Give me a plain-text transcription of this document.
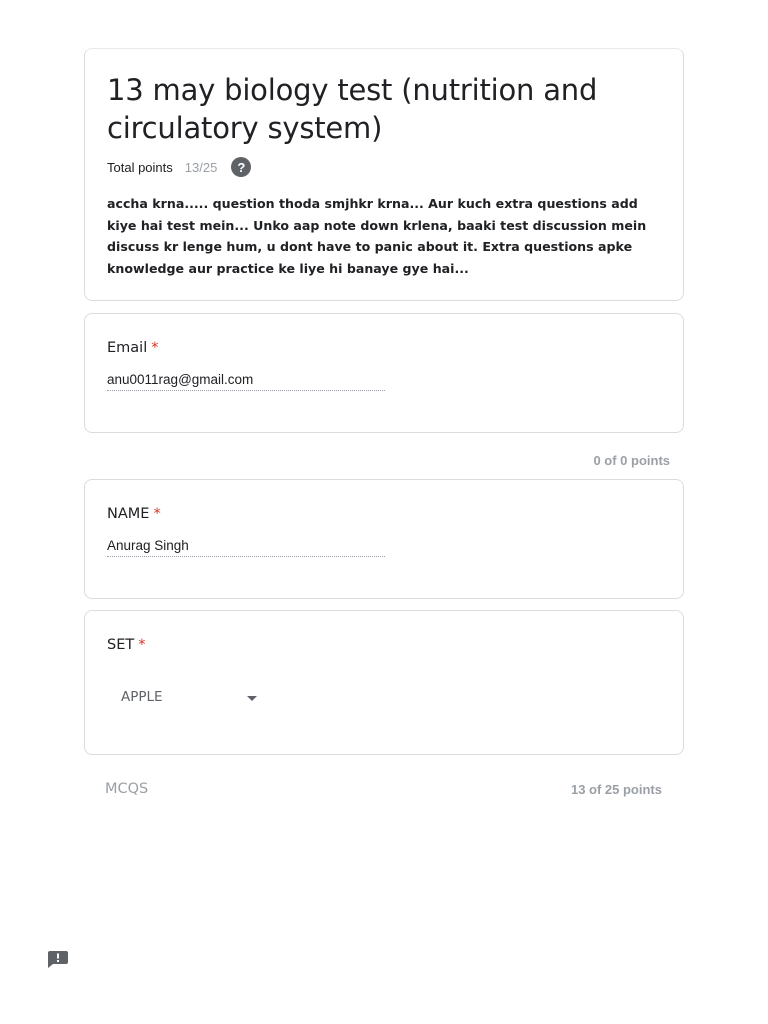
13 may biology test (nutrition and circulatory system)
Total points 13/25	?
accha krna..... question thoda smjhkr krna... Aur kuch extra questions add kiye hai test mein... Unko aap note down krlena, baaki test discussion mein discuss kr lenge hum, u dont have to panic about it. Extra questions apke knowledge aur practice ke liye hi banaye gye hai...
Email *
anu0011rag@gmail.com
0 of 0 points
NAME *
Anurag Singh
SET *
APPLE
MCQS	13 of 25 points
